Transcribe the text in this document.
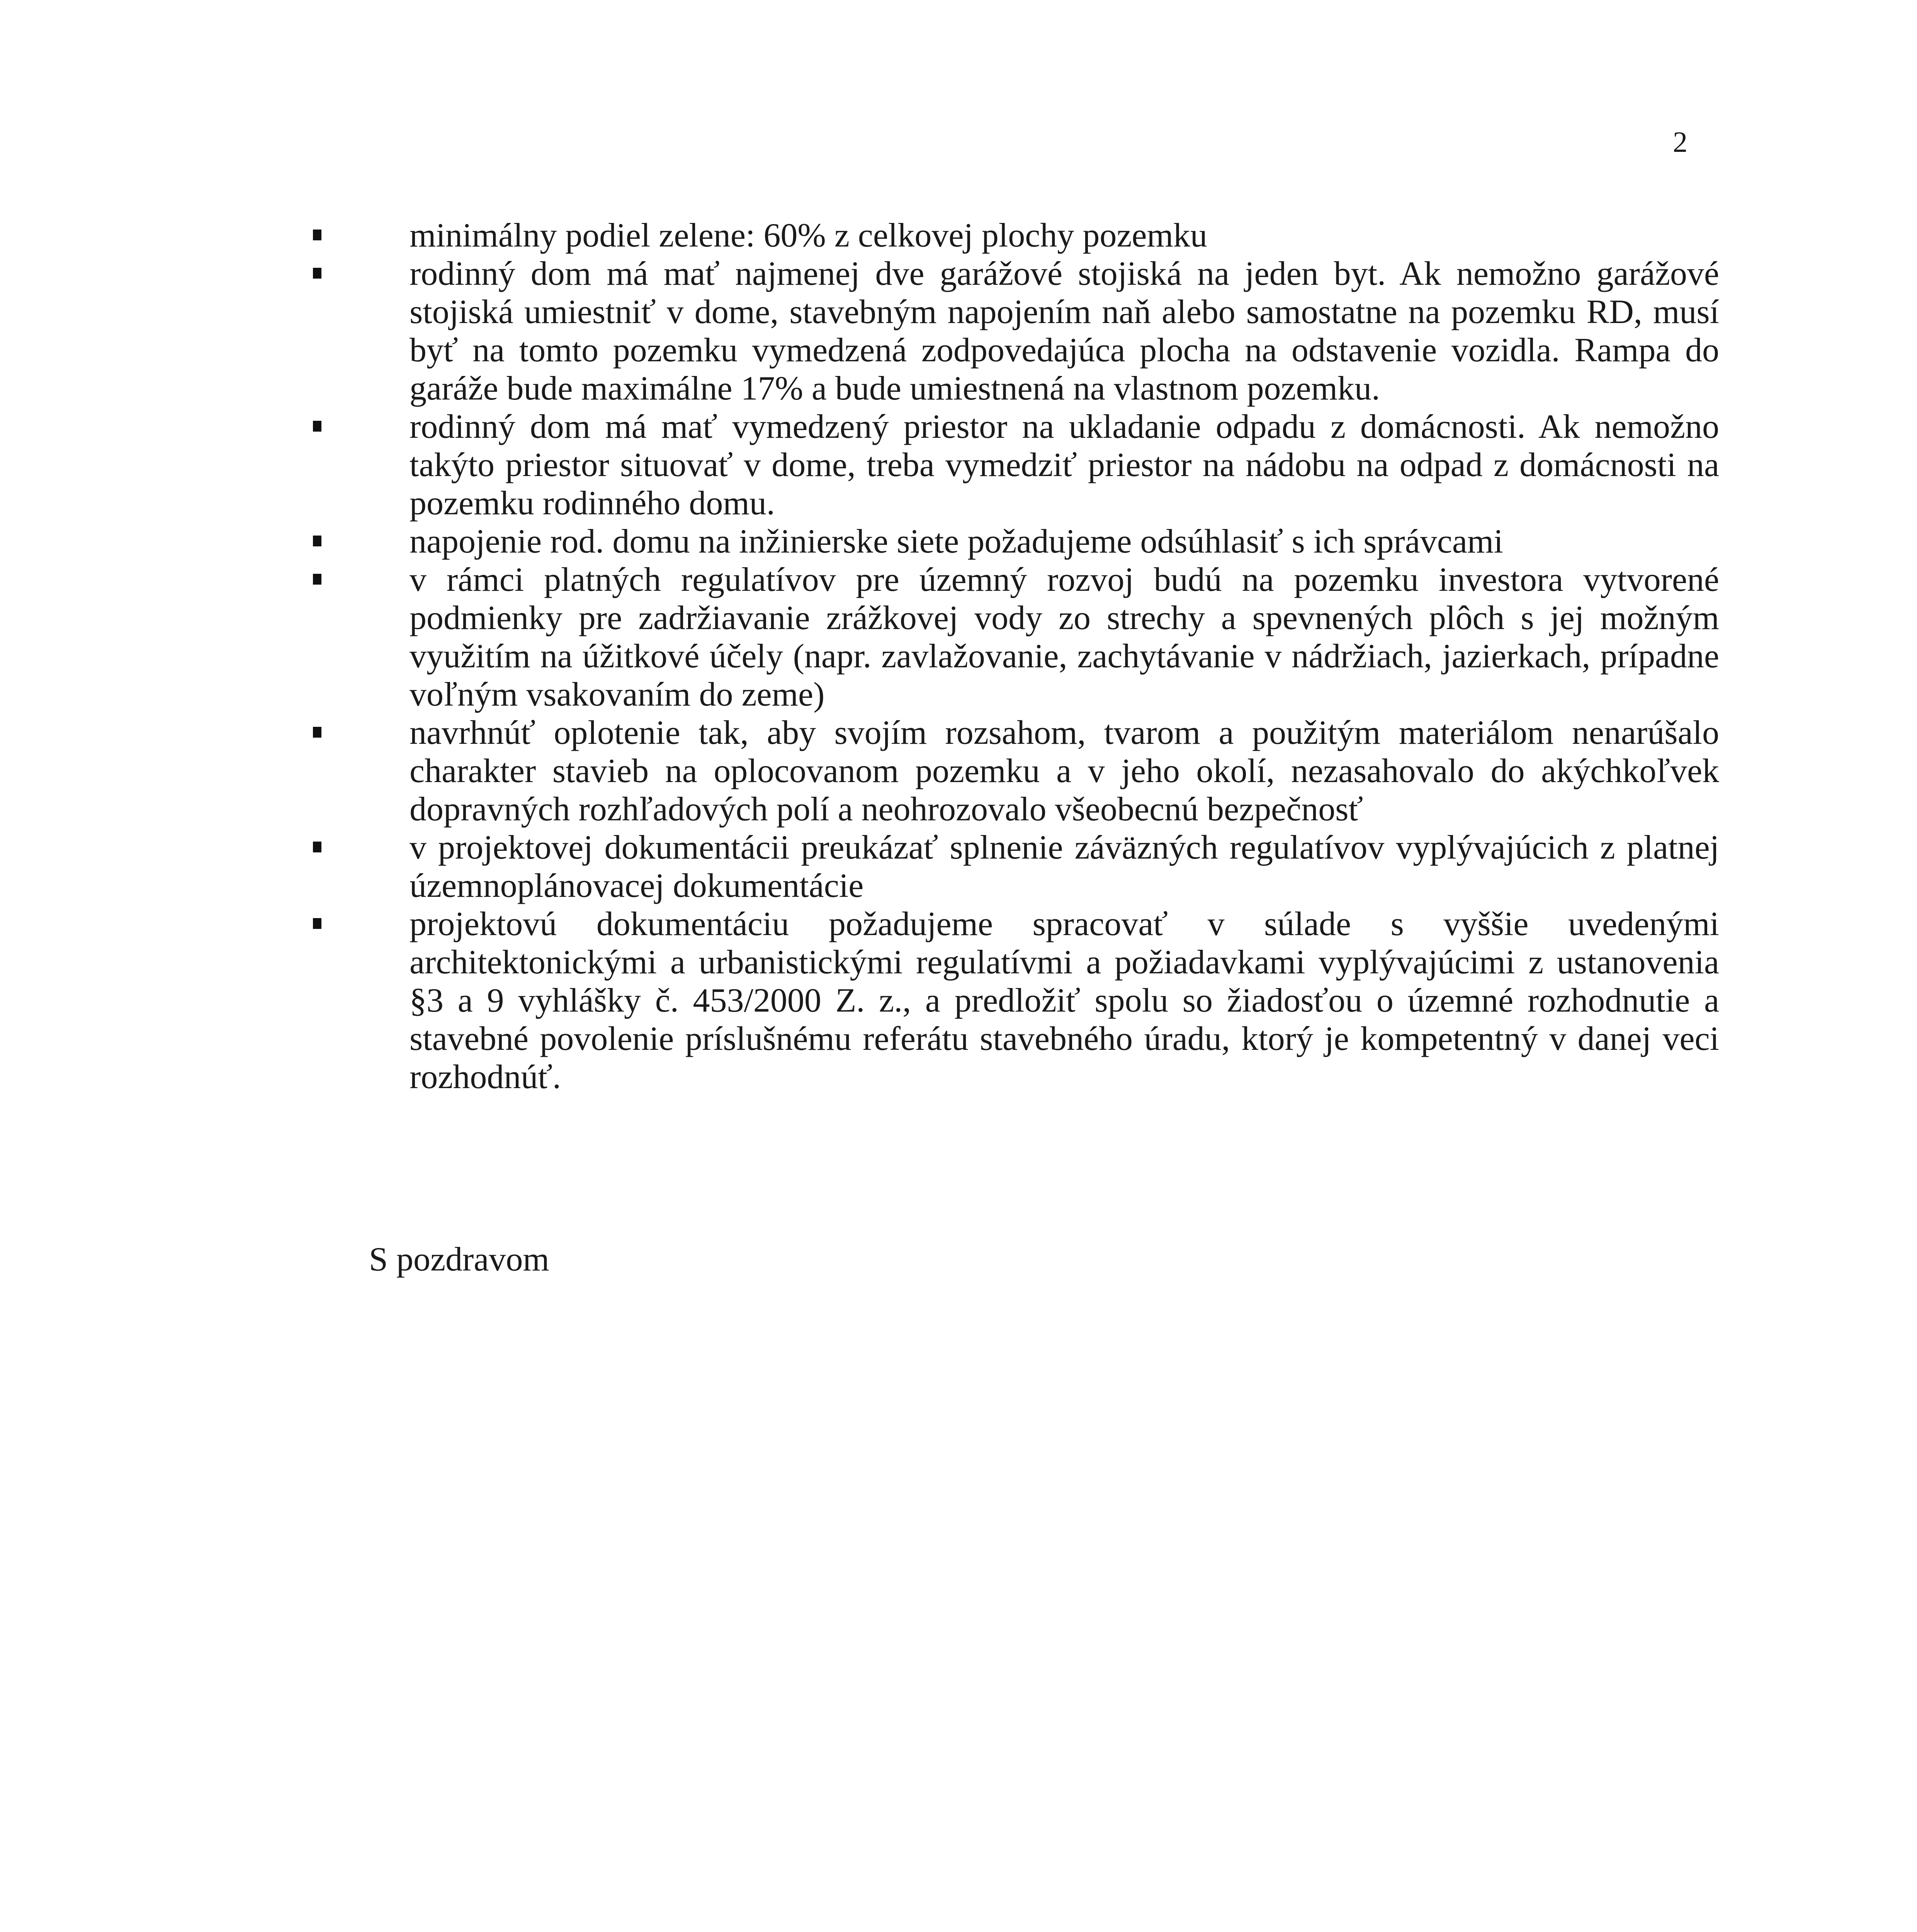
2
minimálny podiel zelene: 60% z celkovej plochy pozemku
rodinný dom má mať najmenej dve garážové stojiská na jeden byt. Ak nemožno garážové stojiská umiestniť v dome, stavebným napojením naň alebo samostatne na pozemku RD, musí byť na tomto pozemku vymedzená zodpovedajúca plocha na odstavenie vozidla. Rampa do garáže bude maximálne 17% a bude umiestnená na vlastnom pozemku.
rodinný dom má mať vymedzený priestor na ukladanie odpadu z domácnosti. Ak nemožno takýto priestor situovať v dome, treba vymedziť priestor na nádobu na odpad z domácnosti na pozemku rodinného domu.
napojenie rod. domu na inžinierske siete požadujeme odsúhlasiť s ich správcami
v rámci platných regulatívov pre územný rozvoj budú na pozemku investora vytvorené podmienky pre zadržiavanie zrážkovej vody zo strechy a spevnených plôch s jej možným využitím na úžitkové účely (napr. zavlažovanie, zachytávanie v nádržiach, jazierkach, prípadne voľným vsakovaním do zeme)
navrhnúť oplotenie tak, aby svojím rozsahom, tvarom a použitým materiálom nenarúšalo charakter stavieb na oplocovanom pozemku a v jeho okolí, nezasahovalo do akýchkoľvek dopravných rozhľadových polí a neohrozovalo všeobecnú bezpečnosť
v projektovej dokumentácii preukázať splnenie záväzných regulatívov vyplývajúcich z platnej územnoplánovacej dokumentácie
projektovú dokumentáciu požadujeme spracovať v súlade s vyššie uvedenými architektonickými a urbanistickými regulatívmi a požiadavkami vyplývajúcimi z ustanovenia §3 a 9 vyhlášky č. 453/2000 Z. z., a predložiť spolu so žiadosťou o územné rozhodnutie a stavebné povolenie príslušnému referátu stavebného úradu, ktorý je kompetentný v danej veci rozhodnúť.
S pozdravom
